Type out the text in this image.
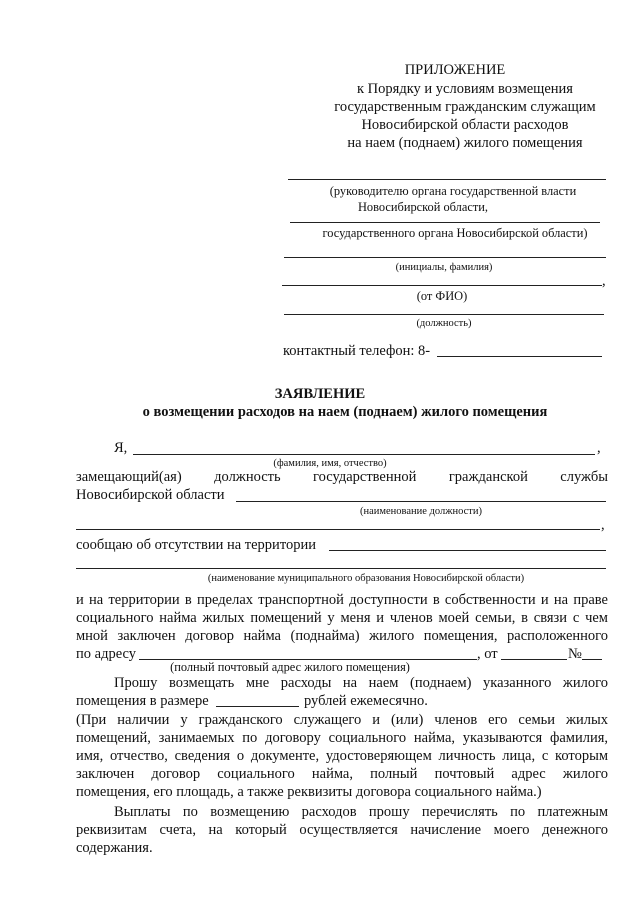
ПРИЛОЖЕНИЕ
к Порядку и условиям возмещения
государственным гражданским служащим
Новосибирской области расходов
на наем (поднаем) жилого помещения
(руководителю органа государственной власти
Новосибирской области,
государственного органа Новосибирской области)
(инициалы, фамилия)
,
(от ФИО)
(должность)
контактный телефон: 8-
ЗАЯВЛЕНИЕ
о возмещении расходов на наем (поднаем) жилого помещения
Я,	,
(фамилия, имя, отчество)
замещающий(ая) должность государственной гражданской службы
Новосибирской области
(наименование должности)
,
сообщаю об отсутствии на территории
(наименование муниципального образования Новосибирской области)
и на территории в пределах транспортной доступности в собственности и на праве
социального найма жилых помещений у меня и членов моей семьи, в связи с чем
мной заключен договор найма (поднайма) жилого помещения, расположенного
по адресу	, от	№
(полный почтовый адрес жилого помещения)
Прошу возмещать мне расходы на наем (поднаем) указанного жилого
помещения в размере	рублей ежемесячно.
(При наличии у гражданского служащего и (или) членов его семьи жилых
помещений, занимаемых по договору социального найма, указываются фамилия,
имя, отчество, сведения о документе, удостоверяющем личность лица, с которым
заключен договор социального найма, полный почтовый адрес жилого
помещения, его площадь, а также реквизиты договора социального найма.)
Выплаты по возмещению расходов прошу перечислять по платежным
реквизитам счета, на который осуществляется начисление моего денежного
содержания.
